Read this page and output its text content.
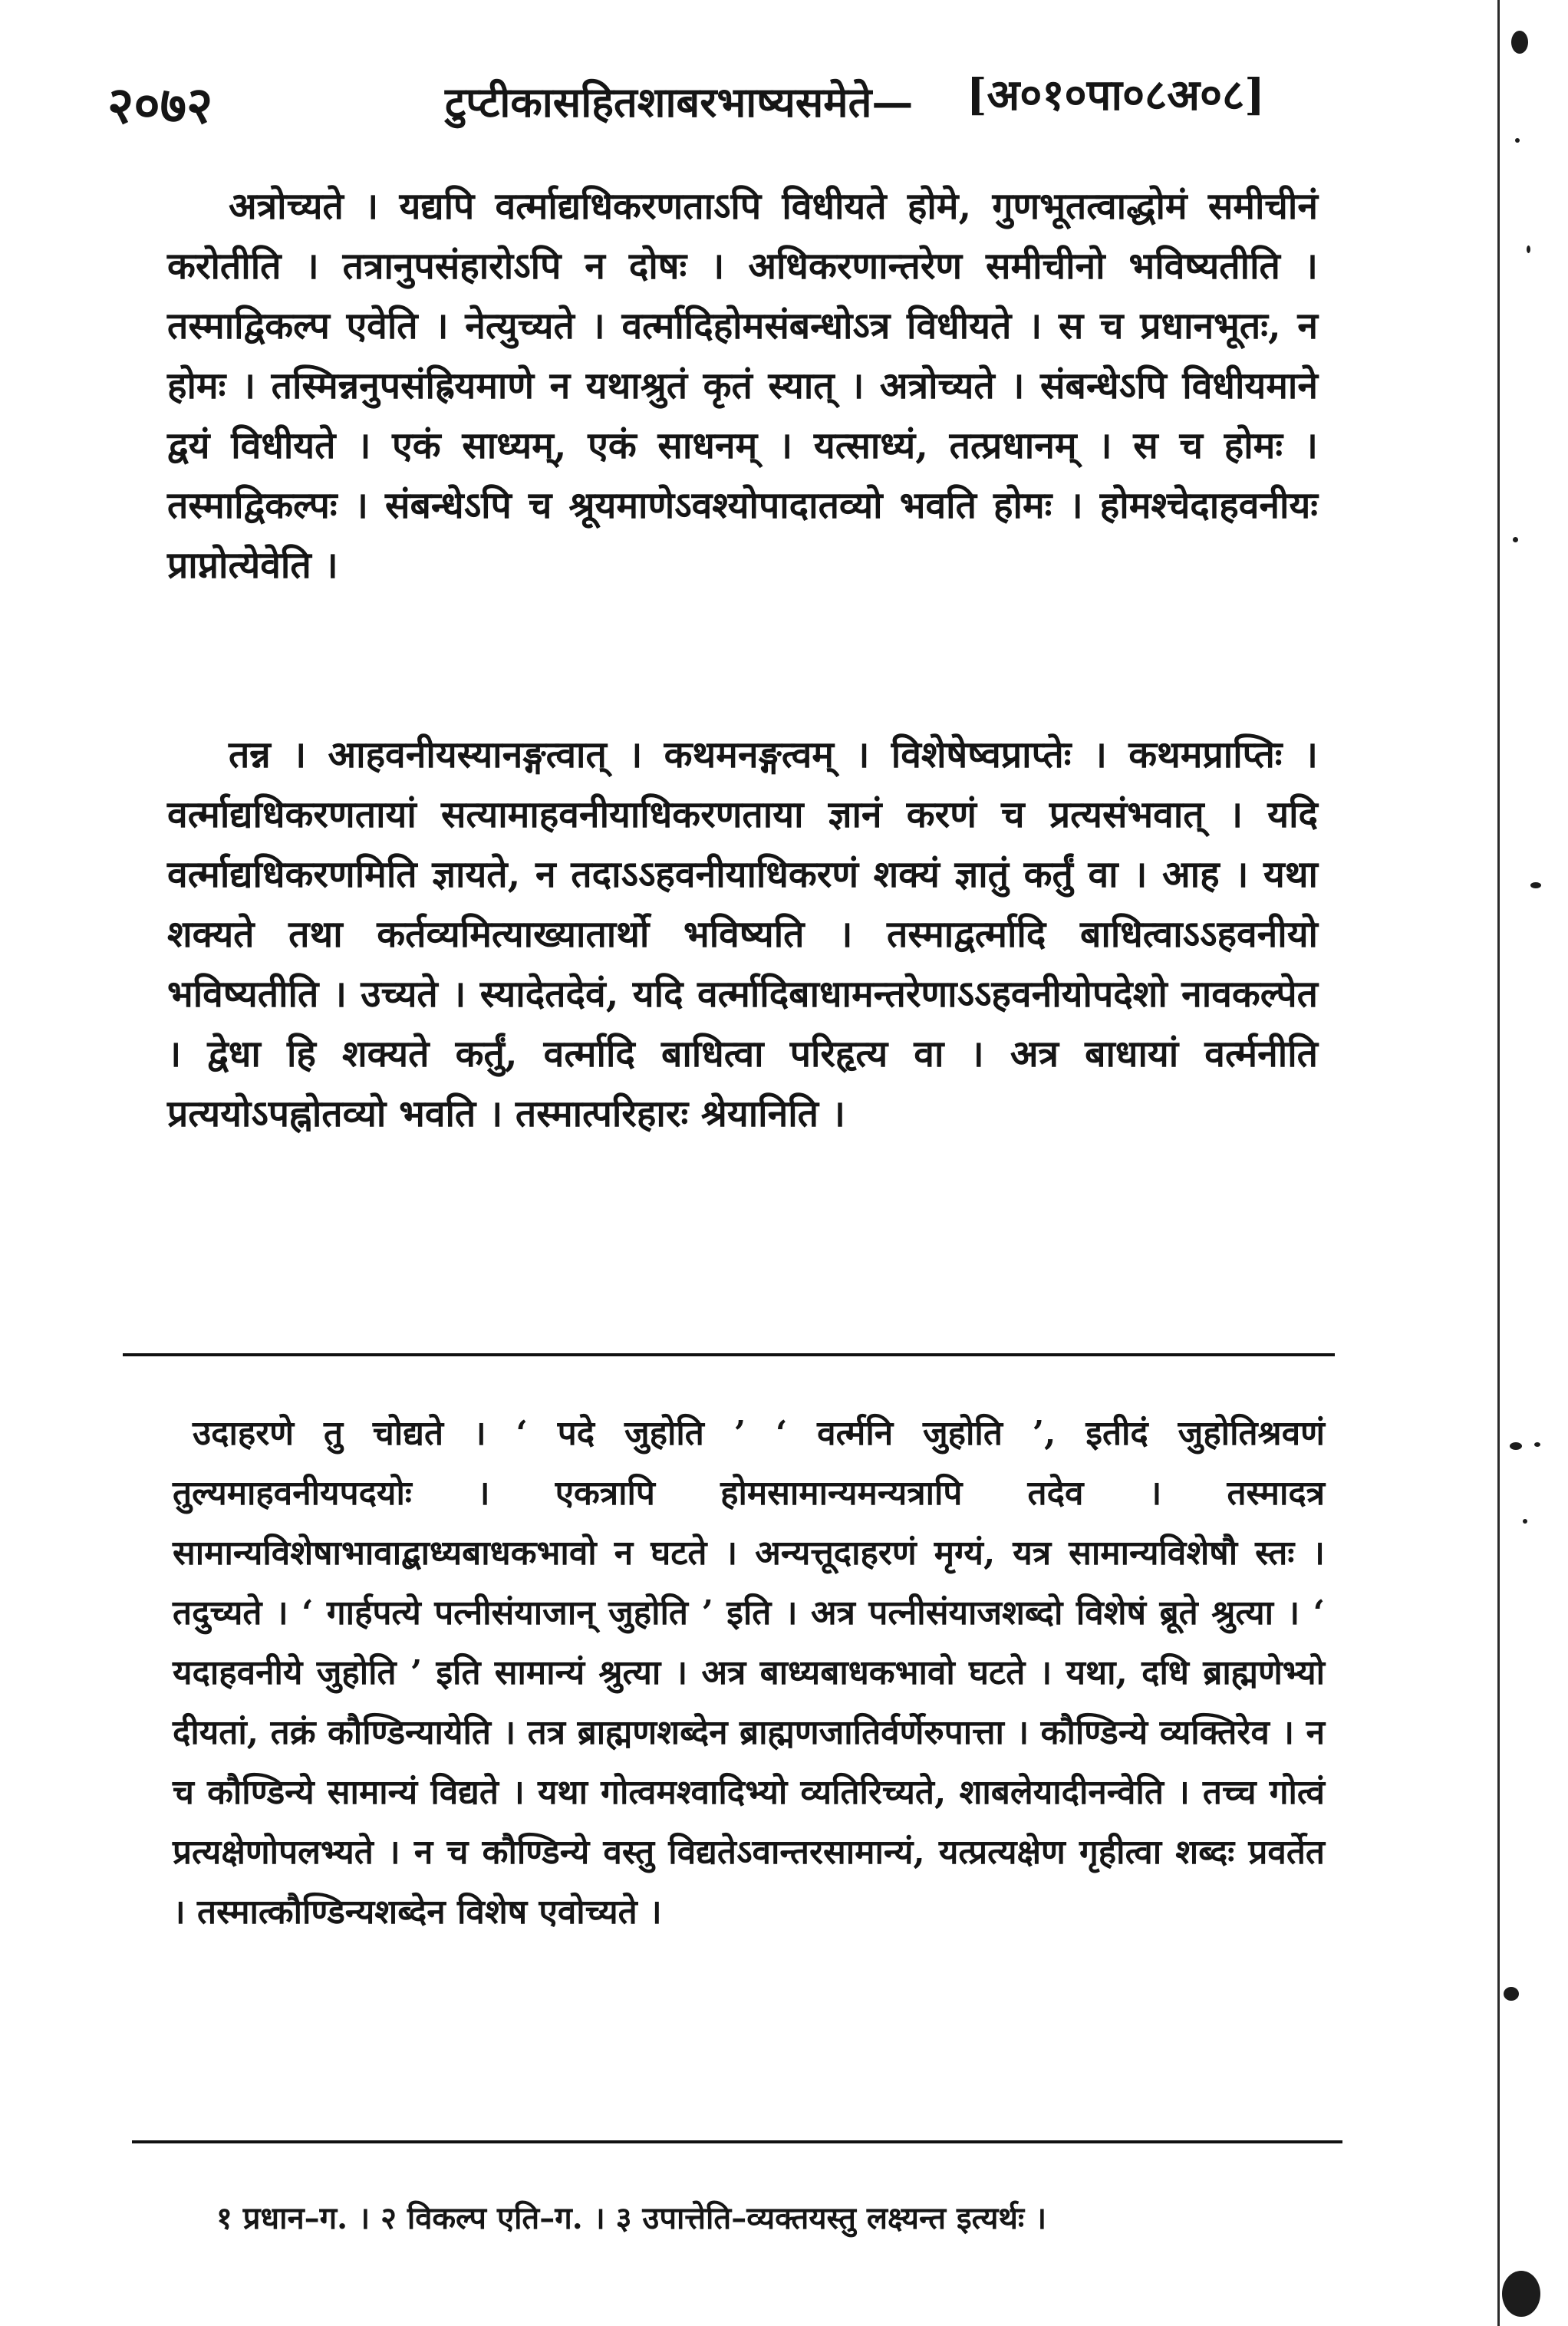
२०७२	टुप्टीकासहितशाबरभाष्यसमेते— [अ०१०पा०८अ०८]
अत्रोच्यते । यद्यपि वर्त्माद्यधिकरणताऽपि विधीयते होमे, गुणभूतत्वाद्धोमं समीचीनं करोतीति । तत्रानुपसंहारोऽपि न दोषः । अधिकरणान्तरेण समीचीनो भविष्यतीति । तस्माद्विकल्प एवेति । नेत्युच्यते । वर्त्मादिहोमसंबन्धोऽत्र विधीयते । स च प्रधानभूतः, न होमः । तस्मिन्ननुपसंह्रियमाणे न यथाश्रुतं कृतं स्यात् । अत्रोच्यते । संबन्धेऽपि विधीयमाने द्वयं विधीयते । एकं साध्यम्, एकं साधनम् । यत्साध्यं, तत्प्रधानम् । स च होमः । तस्माद्विकल्पः । संबन्धेऽपि च श्रूयमाणेऽवश्योपादातव्यो भवति होमः । होमश्चेदाहवनीयः प्राप्नोत्येवेति ।
तन्न । आहवनीयस्यानङ्गत्वात् । कथमनङ्गत्वम् । विशेषेष्वप्राप्तेः । कथमप्राप्तिः । वर्त्माद्यधिकरणतायां सत्यामाहवनीयाधिकरणताया ज्ञानं करणं च प्रत्यसंभवात् । यदि वर्त्माद्यधिकरणमिति ज्ञायते, न तदाऽऽहवनीयाधिकरणं शक्यं ज्ञातुं कर्तुं वा । आह । यथा शक्यते तथा कर्तव्यमित्याख्यातार्थो भविष्यति । तस्माद्वर्त्मादि बाधित्वाऽऽहवनीयो भविष्यतीति । उच्यते । स्यादेतदेवं, यदि वर्त्मादिबाधामन्तरेणाऽऽहवनीयोपदेशो नावकल्पेत । द्वेधा हि शक्यते कर्तुं, वर्त्मादि बाधित्वा परिहृत्य वा । अत्र बाधायां वर्त्मनीति प्रत्ययोऽपह्नोतव्यो भवति । तस्मात्परिहारः श्रेयानिति ।
उदाहरणे तु चोद्यते । ‘ पदे जुहोति ’ ‘ वर्त्मनि जुहोति ’, इतीदं जुहोतिश्रवणं तुल्यमाहवनीयपदयोः । एकत्रापि होमसामान्यमन्यत्रापि तदेव । तस्मादत्र सामान्यविशेषाभावाद्बाध्यबाधकभावो न घटते । अन्यत्तूदाहरणं मृग्यं, यत्र सामान्यविशेषौ स्तः । तदुच्यते । ‘ गार्हपत्ये पत्नीसंयाजान् जुहोति ’ इति । अत्र पत्नीसंयाजशब्दो विशेषं ब्रूते श्रुत्या । ‘ यदाहवनीये जुहोति ’ इति सामान्यं श्रुत्या । अत्र बाध्यबाधकभावो घटते । यथा, दधि ब्राह्मणेभ्यो दीयतां, तक्रं कौण्डिन्यायेति । तत्र ब्राह्मणशब्देन ब्राह्मणजातिर्वर्णेरुपात्ता । कौण्डिन्ये व्यक्तिरेव । न च कौण्डिन्ये सामान्यं विद्यते । यथा गोत्वमश्वादिभ्यो व्यतिरिच्यते, शाबलेयादीनन्वेति । तच्च गोत्वं प्रत्यक्षेणोपलभ्यते । न च कौण्डिन्ये वस्तु विद्यतेऽवान्तरसामान्यं, यत्प्रत्यक्षेण गृहीत्वा शब्दः प्रवर्तेत । तस्मात्कौण्डिन्यशब्देन विशेष एवोच्यते ।
१ प्रधान–ग. । २ विकल्प एति–ग. । ३ उपात्तेति–व्यक्तयस्तु लक्ष्यन्त इत्यर्थः ।
